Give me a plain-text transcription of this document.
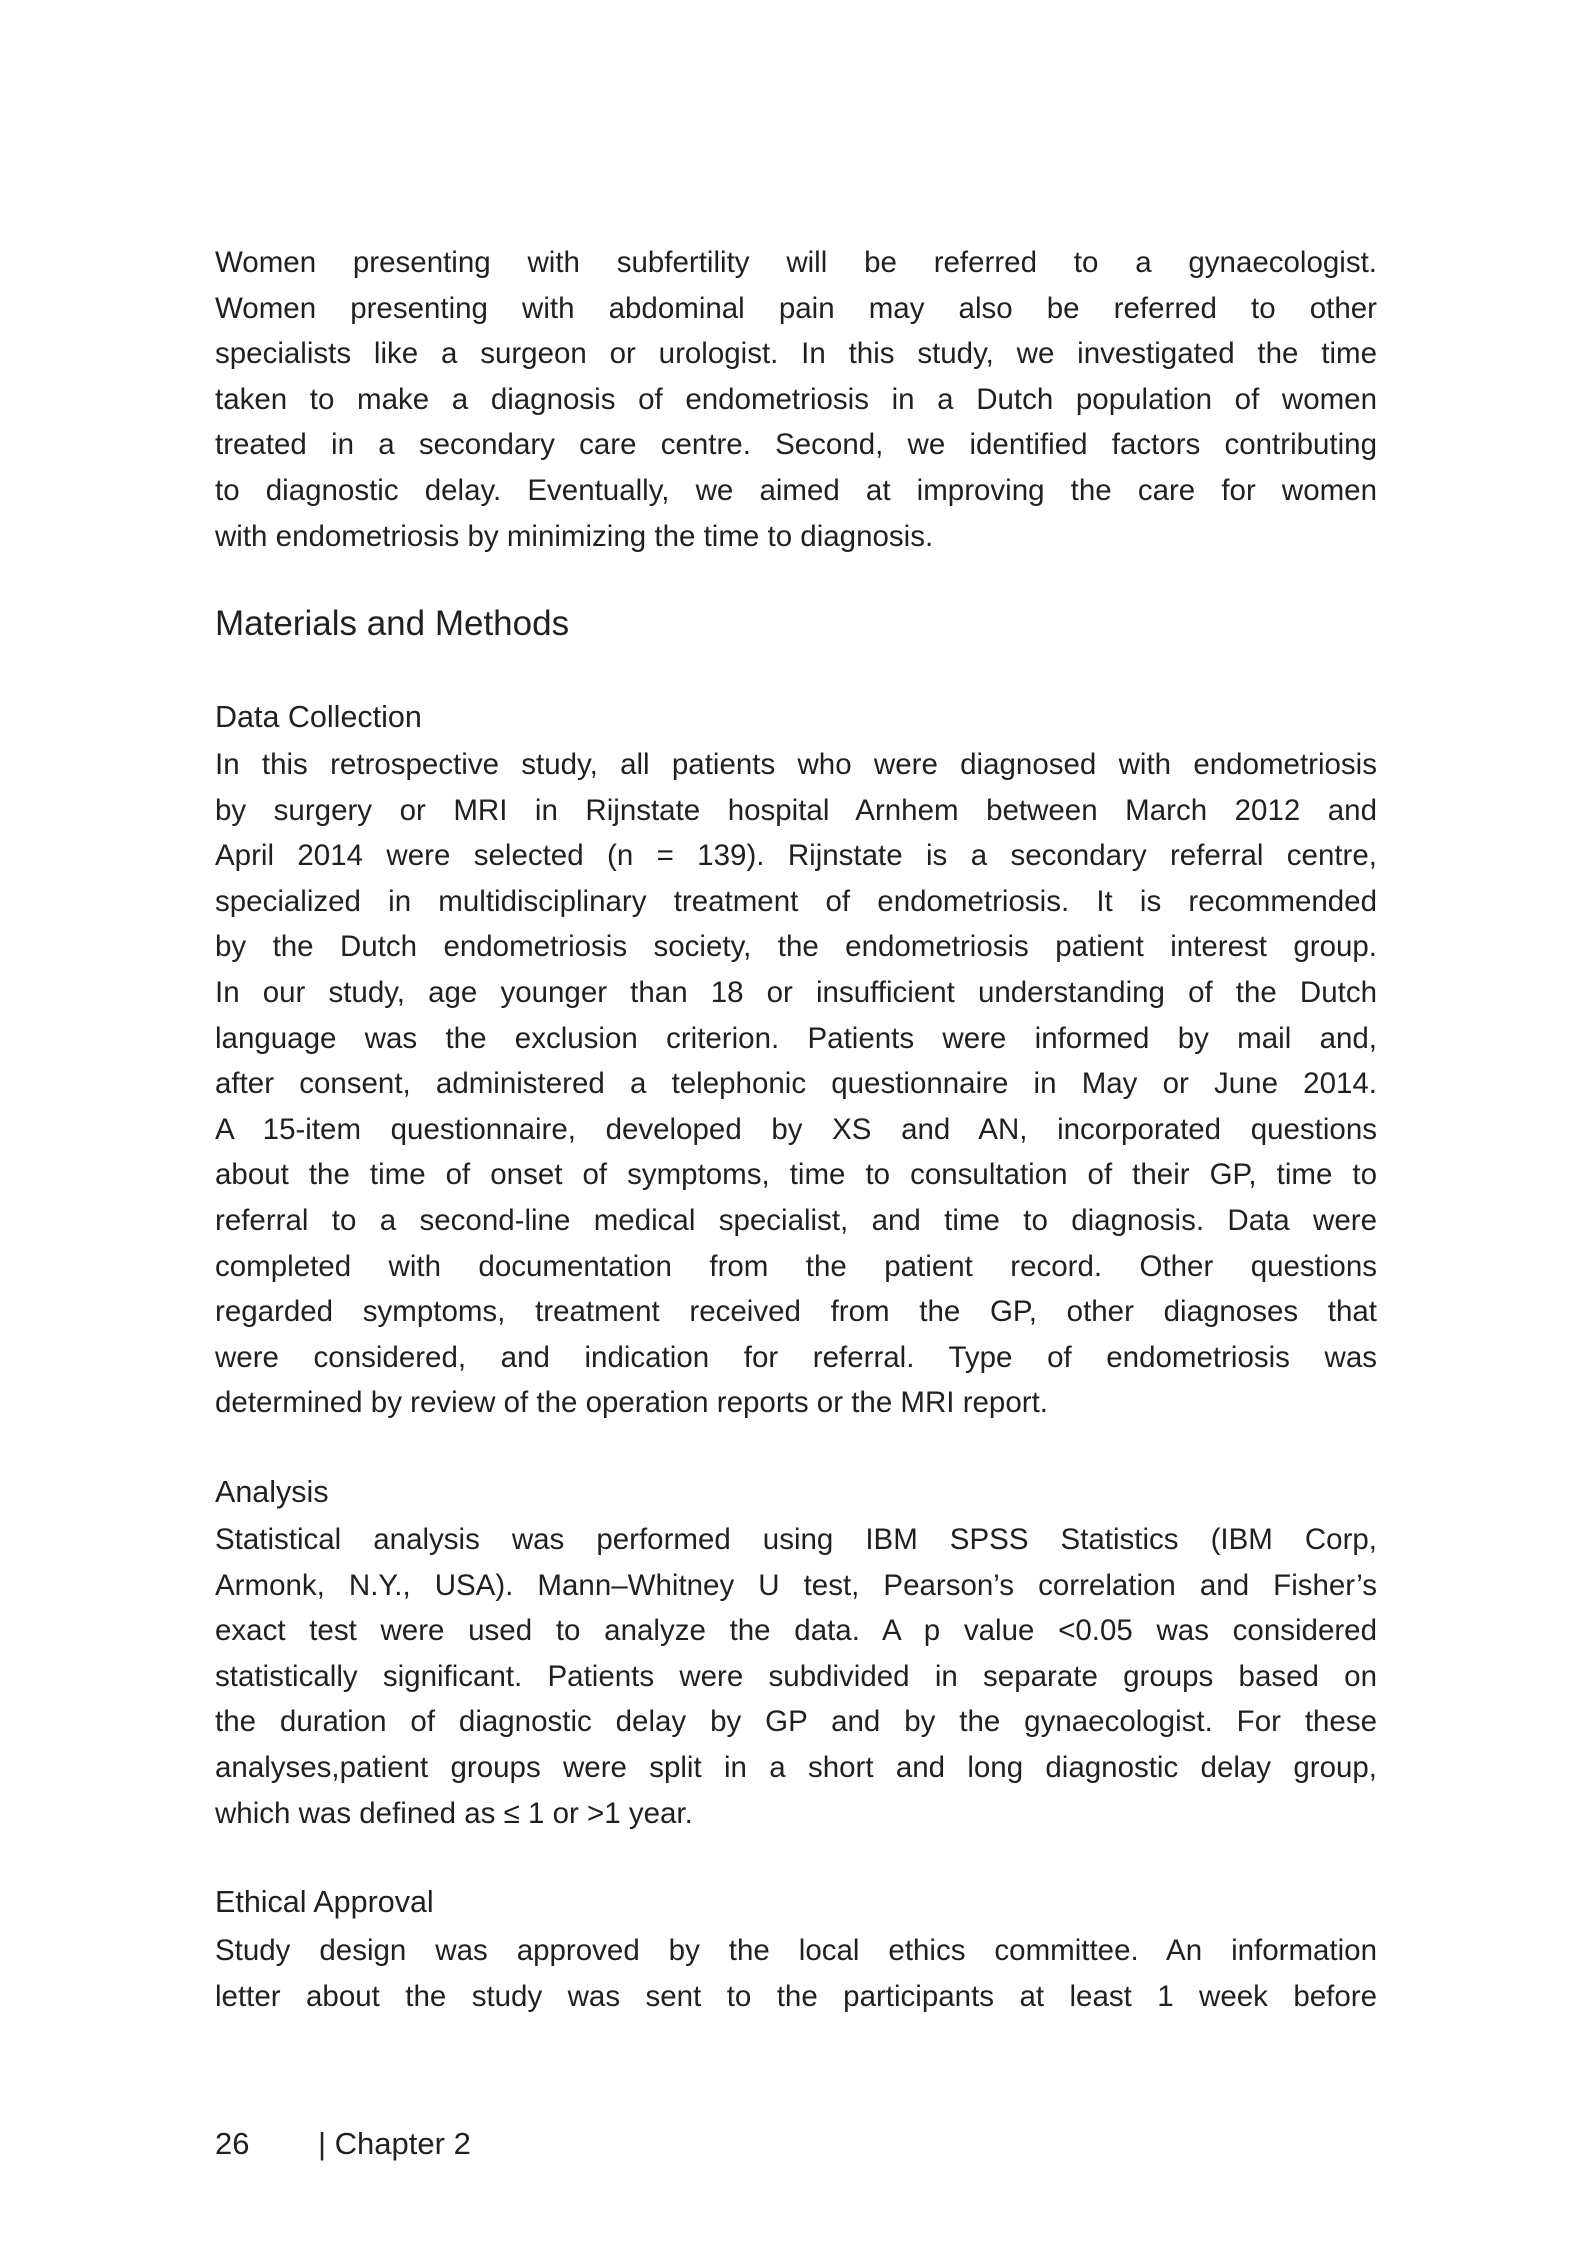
Women presenting with subfertility will be referred to a gynaecologist.
Women presenting with abdominal pain may also be referred to other
specialists like a surgeon or urologist. In this study, we investigated the time
taken to make a diagnosis of endometriosis in a Dutch population of women
treated in a secondary care centre. Second, we identified factors contributing
to diagnostic delay. Eventually, we aimed at improving the care for women
with endometriosis by minimizing the time to diagnosis.
Materials and Methods
Data Collection
In this retrospective study, all patients who were diagnosed with endometriosis
by surgery or MRI in Rijnstate hospital Arnhem between March 2012 and
April 2014 were selected (n = 139). Rijnstate is a secondary referral centre,
specialized in multidisciplinary treatment of endometriosis. It is recommended
by the Dutch endometriosis society, the endometriosis patient interest group.
In our study, age younger than 18 or insufficient understanding of the Dutch
language was the exclusion criterion. Patients were informed by mail and,
after consent, administered a telephonic questionnaire in May or June 2014.
A 15-item questionnaire, developed by XS and AN, incorporated questions
about the time of onset of symptoms, time to consultation of their GP, time to
referral to a second-line medical specialist, and time to diagnosis. Data were
completed with documentation from the patient record. Other questions
regarded symptoms, treatment received from the GP, other diagnoses that
were considered, and indication for referral. Type of endometriosis was
determined by review of the operation reports or the MRI report.
Analysis
Statistical analysis was performed using IBM SPSS Statistics (IBM Corp,
Armonk, N.Y., USA). Mann–Whitney U test, Pearson’s correlation and Fisher’s
exact test were used to analyze the data. A p value <0.05 was considered
statistically significant. Patients were subdivided in separate groups based on
the duration of diagnostic delay by GP and by the gynaecologist. For these
analyses,patient groups were split in a short and long diagnostic delay group,
which was defined as ≤ 1 or >1 year.
Ethical Approval
Study design was approved by the local ethics committee. An information
letter about the study was sent to the participants at least 1 week before
26 | Chapter 2
